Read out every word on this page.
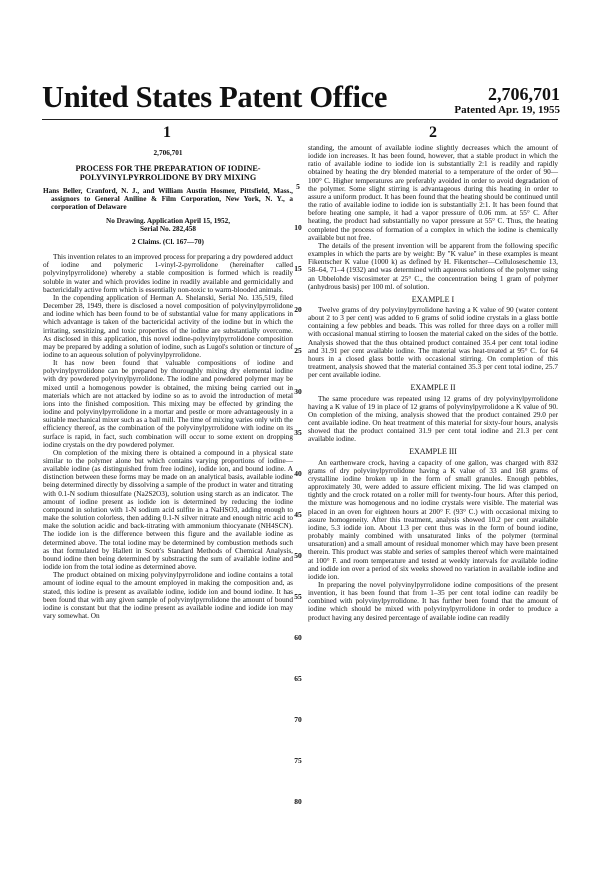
United States Patent Office	2,706,701
Patented Apr. 19, 1955
1	2

2,706,701

PROCESS FOR THE PREPARATION OF IODINE-POLYVINYLPYRROLIDONE BY DRY MIXING

Hans Beller, Cranford, N. J., and William Austin Hosmer, Pittsfield, Mass., assignors to General Aniline & Film Corporation, New York, N. Y., a corporation of Delaware

No Drawing. Application April 15, 1952,

Serial No. 282,458

2 Claims. (Cl. 167—70)

This invention relates to an improved process for preparing a dry powdered adduct of iodine and polymeric 1-vinyl-2-pyrrolidone (hereinafter called polyvinylpyrrolidone) whereby a stable composition is formed which is readily soluble in water and which provides iodine in readily available and germicidally and bactericidally active form which is essentially non-toxic to warm-blooded animals.

In the copending application of Herman A. Shelanski, Serial No. 135,519, filed December 28, 1949, there is disclosed a novel composition of polyvinylpyrrolidone and iodine which has been found to be of substantial value for many applications in which advantage is taken of the bactericidal activity of the iodine but in which the irritating, sensitizing, and toxic properties of the iodine are substantially overcome. As disclosed in this application, this novel iodine-polyvinylpyrrolidone composition may be prepared by adding a solution of iodine, such as Lugol's solution or tincture of iodine to an aqueous solution of polyvinylpyrrolidone.

It has now been found that valuable compositions of iodine and polyvinylpyrrolidone can be prepared by thoroughly mixing dry elemental iodine with dry powdered polyvinylpyrrolidone. The iodine and powdered polymer may be mixed until a homogenous powder is obtained, the mixing being carried out in materials which are not attacked by iodine so as to avoid the introduction of metal ions into the finished composition. This mixing may be effected by grinding the iodine and polyvinylpyrrolidone in a mortar and pestle or more advantageously in a suitable mechanical mixer such as a ball mill. The time of mixing varies only with the efficiency thereof, as the combination of the polyvinylpyrrolidone with iodine on its surface is rapid, in fact, such combination will occur to some extent on dropping iodine crystals on the dry powdered polymer.

On completion of the mixing there is obtained a compound in a physical state similar to the polymer alone but which contains varying proportions of iodine—available iodine (as distinguished from free iodine), iodide ion, and bound iodine. A distinction between these forms may be made on an analytical basis, available iodine being determined directly by dissolving a sample of the product in water and titrating with 0.1-N sodium thiosulfate (Na2S2O3), solution using starch as an indicator. The amount of iodine present as iodide ion is determined by reducing the iodine compound in solution with 1-N sodium acid sulfite in a NaHSO3, adding enough to make the solution colorless, then adding 0.1-N silver nitrate and enough nitric acid to make the solution acidic and back-titrating with ammonium thiocyanate (NH4SCN). The iodide ion is the difference between this figure and the available iodine as determined above. The total iodine may be determined by combustion methods such as that formulated by Hallett in Scott's Standard Methods of Chemical Analysis, bound iodine then being determined by substracting the sum of available iodine and iodide ion from the total iodine as determined above.

The product obtained on mixing polyvinylpyrrolidone and iodine contains a total amount of iodine equal to the amount employed in making the composition and, as stated, this iodine is present as available iodine, iodide ion and bound iodine. It has been found that with any given sample of polyvinylpyrrolidone the amount of bound iodine is constant but that the iodine present as available iodine and iodide ion may vary somewhat. On

standing, the amount of available iodine slightly decreases which the amount of iodide ion increases. It has been found, however, that a stable product in which the ratio of available iodine to iodide ion is substantially 2:1 is readily and rapidly obtained by heating the dry blended material to a temperature of the order of 90—100° C. Higher temperatures are preferably avoided in order to avoid degradation of the polymer. Some slight stirring is advantageous during this heating in order to assure a uniform product. It has been found that the heating should be continued until the ratio of available iodine to iodide ion is substantially 2:1. It has been found that before heating one sample, it had a vapor pressure of 0.06 mm. at 55° C. After heating, the product had substantially no vapor pressure at 55° C. Thus, the heating completed the process of formation of a complex in which the iodine is chemically available but not free.

The details of the present invention will be apparent from the following specific examples in which the parts are by weight: By "K value" in these examples is meant Fikentscher K value (1000 k) as defined by H. Fikentscher—Celluloseschemie 13, 58–64, 71–4 (1932) and was determined with aqueous solutions of the polymer using an Ubbelohde viscosimeter at 25° C., the concentration being 1 gram of polymer (anhydrous basis) per 100 ml. of solution.

EXAMPLE I

Twelve grams of dry polyvinylpyrrolidone having a K value of 90 (water content about 2 to 3 per cent) was added to 6 grams of solid iodine crystals in a glass bottle containing a few pebbles and beads. This was rolled for three days on a roller mill with occasional manual stirring to loosen the material caked on the sides of the bottle. Analysis showed that the thus obtained product contained 35.4 per cent total iodine and 31.91 per cent available iodine. The material was heat-treated at 95° C. for 64 hours in a closed glass bottle with occasional stirring. On completion of this treatment, analysis showed that the material contained 35.3 per cent total iodine, 25.7 per cent available iodine.

EXAMPLE II

The same procedure was repeated using 12 grams of dry polyvinylpyrrolidone having a K value of 19 in place of 12 grams of polyvinylpyrrolidone a K value of 90. On completion of the mixing, analysis showed that the product contained 29.0 per cent available iodine. On heat treatment of this material for sixty-four hours, analysis showed that the product contained 31.9 per cent total iodine and 21.3 per cent available iodine.

EXAMPLE III

An earthenware crock, having a capacity of one gallon, was charged with 832 grams of dry polyvinylpyrrolidone having a K value of 33 and 168 grams of crystalline iodine broken up in the form of small granules. Enough pebbles, approximately 30, were added to assure efficient mixing. The lid was clamped on tightly and the crock rotated on a roller mill for twenty-four hours. After this period, the mixture was homogenous and no iodine crystals were visible. The material was placed in an oven for eighteen hours at 200° F. (93° C.) with occasional mixing to assure homogeneity. After this treatment, analysis showed 10.2 per cent available iodine, 5.3 iodide ion. About 1.3 per cent thus was in the form of bound iodine, probably mainly combined with unsaturated links of the polymer (terminal unsaturation) and a small amount of residual monomer which may have been present therein. This product was stable and series of samples thereof which were maintained at 100° F. and room temperature and tested at weekly intervals for available iodine and iodide ion over a period of six weeks showed no variation in available iodine and iodide ion.

In preparing the novel polyvinylpyrrolidone iodine compositions of the present invention, it has been found that from 1–35 per cent total iodine can readily be combined with polyvinylpyrrolidone. It has further been found that the amount of iodine which should be mixed with polyvinylpyrrolidone in order to produce a product having any desired percentage of available iodine can readily

5
10
15
20
25
30
35
40
45
50
55
60
65
70
75
80
